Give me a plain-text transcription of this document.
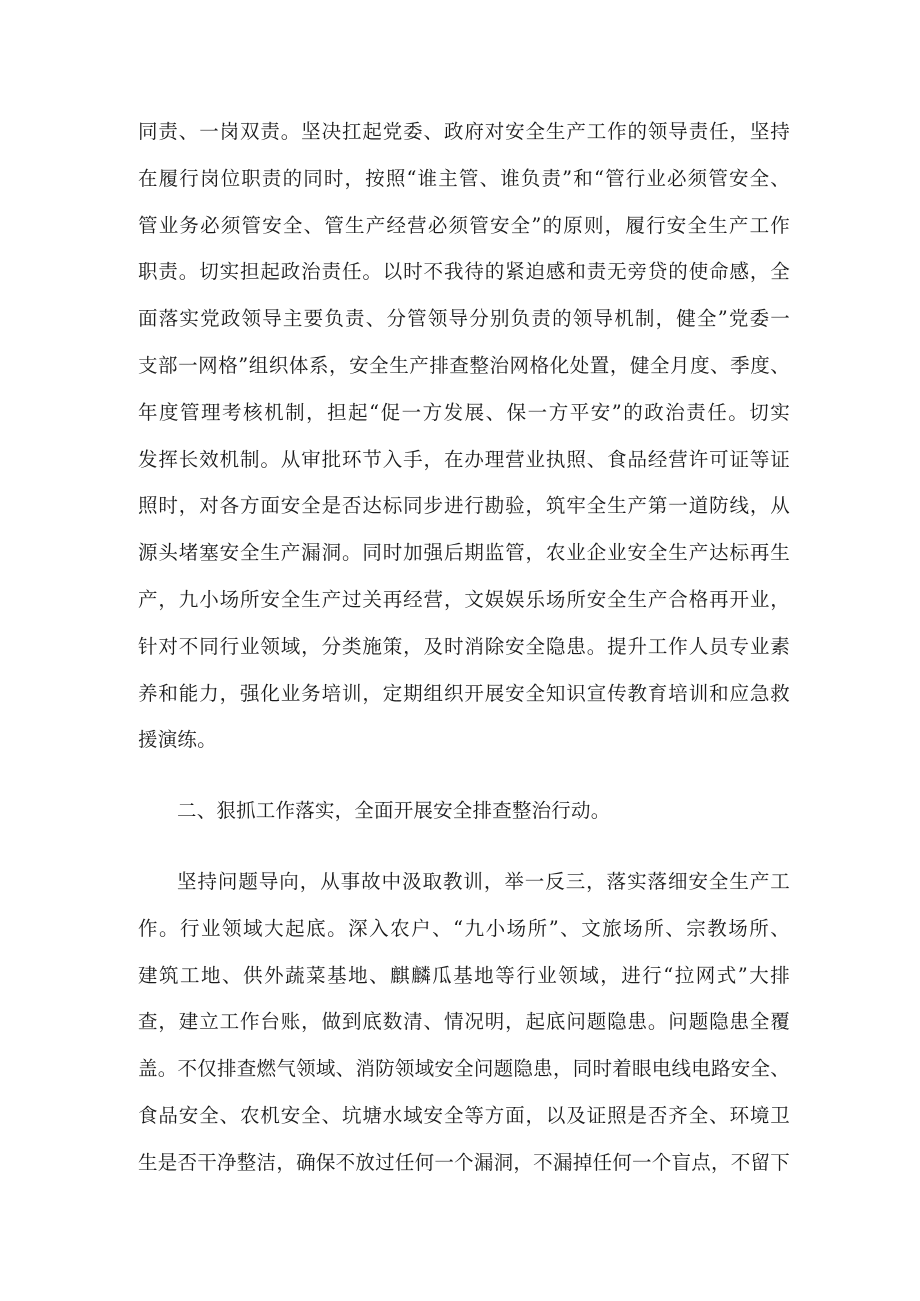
同责、一岗双责。坚决扛起党委、政府对安全生产工作的领导责任，坚持
在履行岗位职责的同时，按照“谁主管、谁负责”和“管行业必须管安全、
管业务必须管安全、管生产经营必须管安全”的原则，履行安全生产工作
职责。切实担起政治责任。以时不我待的紧迫感和责无旁贷的使命感，全
面落实党政领导主要负责、分管领导分别负责的领导机制，健全”党委一
支部一网格”组织体系，安全生产排查整治网格化处置，健全月度、季度、
年度管理考核机制，担起“促一方发展、保一方平安”的政治责任。切实
发挥长效机制。从审批环节入手，在办理营业执照、食品经营许可证等证
照时，对各方面安全是否达标同步进行勘验，筑牢全生产第一道防线，从
源头堵塞安全生产漏洞。同时加强后期监管，农业企业安全生产达标再生
产，九小场所安全生产过关再经营，文娱娱乐场所安全生产合格再开业，
针对不同行业领域，分类施策，及时消除安全隐患。提升工作人员专业素
养和能力，强化业务培训，定期组织开展安全知识宣传教育培训和应急救
援演练。
二、狠抓工作落实，全面开展安全排查整治行动。
坚持问题导向，从事故中汲取教训，举一反三，落实落细安全生产工
作。行业领域大起底。深入农户、“九小场所”、文旅场所、宗教场所、
建筑工地、供外蔬菜基地、麒麟瓜基地等行业领域，进行“拉网式”大排
查，建立工作台账，做到底数清、情况明，起底问题隐患。问题隐患全覆
盖。不仅排查燃气领域、消防领域安全问题隐患，同时着眼电线电路安全、
食品安全、农机安全、坑塘水域安全等方面，以及证照是否齐全、环境卫
生是否干净整洁，确保不放过任何一个漏洞，不漏掉任何一个盲点，不留下
